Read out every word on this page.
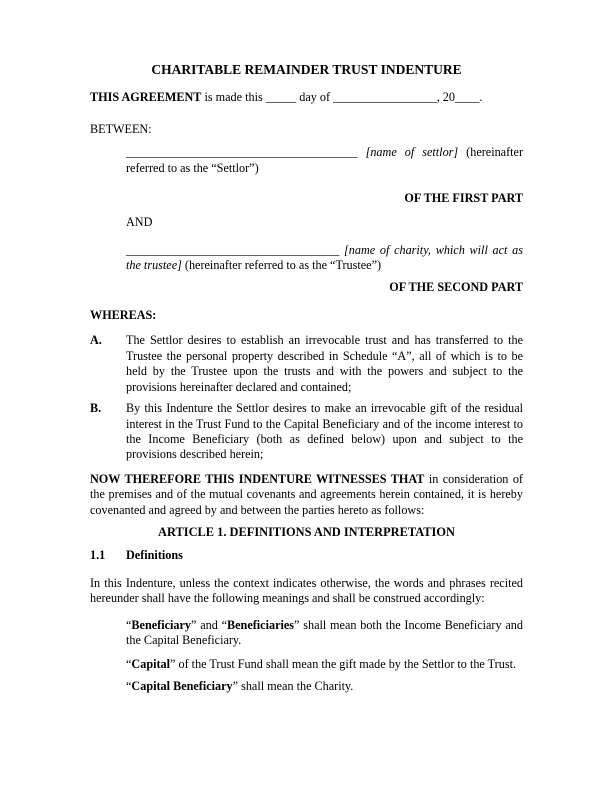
CHARITABLE REMAINDER TRUST INDENTURE

THIS AGREEMENT is made this _____ day of _________________, 20____.

BETWEEN:

______________________________________ [name of settlor] (hereinafter referred to as the “Settlor”)

OF THE FIRST PART

AND

___________________________________ [name of charity, which will act as the trustee] (hereinafter referred to as the “Trustee”)

OF THE SECOND PART

WHEREAS:

A. The Settlor desires to establish an irrevocable trust and has transferred to the Trustee the personal property described in Schedule “A”, all of which is to be held by the Trustee upon the trusts and with the powers and subject to the provisions hereinafter declared and contained;
B. By this Indenture the Settlor desires to make an irrevocable gift of the residual interest in the Trust Fund to the Capital Beneficiary and of the income interest to the Income Beneficiary (both as defined below) upon and subject to the provisions described herein;

NOW THEREFORE THIS INDENTURE WITNESSES THAT in consideration of the premises and of the mutual covenants and agreements herein contained, it is hereby covenanted and agreed by and between the parties hereto as follows:

ARTICLE 1. DEFINITIONS AND INTERPRETATION

1.1 Definitions

In this Indenture, unless the context indicates otherwise, the words and phrases recited hereunder shall have the following meanings and shall be construed accordingly:

“Beneficiary” and “Beneficiaries” shall mean both the Income Beneficiary and the Capital Beneficiary.

“Capital” of the Trust Fund shall mean the gift made by the Settlor to the Trust.

“Capital Beneficiary” shall mean the Charity.
